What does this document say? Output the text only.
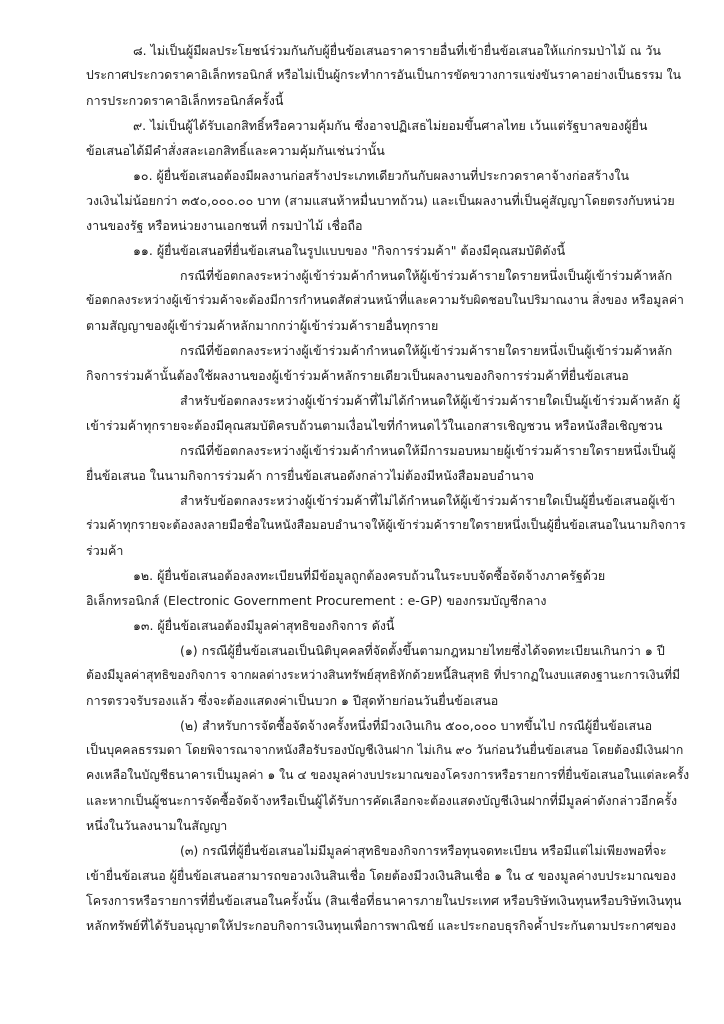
๘. ไม่เป็นผู้มีผลประโยชน์ร่วมกันกับผู้ยื่นข้อเสนอราคารายอื่นที่เข้ายื่นข้อเสนอให้แก่กรมป่าไม้ ณ วัน
ประกาศประกวดราคาอิเล็กทรอนิกส์ หรือไม่เป็นผู้กระทำการอันเป็นการขัดขวางการแข่งขันราคาอย่างเป็นธรรม ใน
การประกวดราคาอิเล็กทรอนิกส์ครั้งนี้
๙. ไม่เป็นผู้ได้รับเอกสิทธิ์หรือความคุ้มกัน ซึ่งอาจปฏิเสธไม่ยอมขึ้นศาลไทย เว้นแต่รัฐบาลของผู้ยื่น
ข้อเสนอได้มีคำสั่งสละเอกสิทธิ์และความคุ้มกันเช่นว่านั้น
๑๐. ผู้ยื่นข้อเสนอต้องมีผลงานก่อสร้างประเภทเดียวกันกับผลงานที่ประกวดราคาจ้างก่อสร้างใน
วงเงินไม่น้อยกว่า ๓๕๐,๐๐๐.๐๐ บาท (สามแสนห้าหมื่นบาทถ้วน) และเป็นผลงานที่เป็นคู่สัญญาโดยตรงกับหน่วย
งานของรัฐ หรือหน่วยงานเอกชนที่ กรมป่าไม้ เชื่อถือ
๑๑. ผู้ยื่นข้อเสนอที่ยื่นข้อเสนอในรูปแบบของ "กิจการร่วมค้า" ต้องมีคุณสมบัติดังนี้
กรณีที่ข้อตกลงระหว่างผู้เข้าร่วมค้ากำหนดให้ผู้เข้าร่วมค้ารายใดรายหนึ่งเป็นผู้เข้าร่วมค้าหลัก
ข้อตกลงระหว่างผู้เข้าร่วมค้าจะต้องมีการกำหนดสัดส่วนหน้าที่และความรับผิดชอบในปริมาณงาน สิ่งของ หรือมูลค่า
ตามสัญญาของผู้เข้าร่วมค้าหลักมากกว่าผู้เข้าร่วมค้ารายอื่นทุกราย
กรณีที่ข้อตกลงระหว่างผู้เข้าร่วมค้ากำหนดให้ผู้เข้าร่วมค้ารายใดรายหนึ่งเป็นผู้เข้าร่วมค้าหลัก
กิจการร่วมค้านั้นต้องใช้ผลงานของผู้เข้าร่วมค้าหลักรายเดียวเป็นผลงานของกิจการร่วมค้าที่ยื่นข้อเสนอ
สำหรับข้อตกลงระหว่างผู้เข้าร่วมค้าที่ไม่ได้กำหนดให้ผู้เข้าร่วมค้ารายใดเป็นผู้เข้าร่วมค้าหลัก ผู้
เข้าร่วมค้าทุกรายจะต้องมีคุณสมบัติครบถ้วนตามเงื่อนไขที่กำหนดไว้ในเอกสารเชิญชวน หรือหนังสือเชิญชวน
กรณีที่ข้อตกลงระหว่างผู้เข้าร่วมค้ากำหนดให้มีการมอบหมายผู้เข้าร่วมค้ารายใดรายหนึ่งเป็นผู้
ยื่นข้อเสนอ ในนามกิจการร่วมค้า การยื่นข้อเสนอดังกล่าวไม่ต้องมีหนังสือมอบอำนาจ
สำหรับข้อตกลงระหว่างผู้เข้าร่วมค้าที่ไม่ได้กำหนดให้ผู้เข้าร่วมค้ารายใดเป็นผู้ยื่นข้อเสนอผู้เข้า
ร่วมค้าทุกรายจะต้องลงลายมือชื่อในหนังสือมอบอำนาจให้ผู้เข้าร่วมค้ารายใดรายหนึ่งเป็นผู้ยื่นข้อเสนอในนามกิจการ
ร่วมค้า
๑๒. ผู้ยื่นข้อเสนอต้องลงทะเบียนที่มีข้อมูลถูกต้องครบถ้วนในระบบจัดซื้อจัดจ้างภาครัฐด้วย
อิเล็กทรอนิกส์ (Electronic Government Procurement : e-GP) ของกรมบัญชีกลาง
๑๓. ผู้ยื่นข้อเสนอต้องมีมูลค่าสุทธิของกิจการ ดังนี้
(๑) กรณีผู้ยื่นข้อเสนอเป็นนิติบุคคลที่จัดตั้งขึ้นตามกฎหมายไทยซึ่งได้จดทะเบียนเกินกว่า ๑ ปี
ต้องมีมูลค่าสุทธิของกิจการ จากผลต่างระหว่างสินทรัพย์สุทธิหักด้วยหนี้สินสุทธิ ที่ปรากฏในงบแสดงฐานะการเงินที่มี
การตรวจรับรองแล้ว ซึ่งจะต้องแสดงค่าเป็นบวก ๑ ปีสุดท้ายก่อนวันยื่นข้อเสนอ
(๒) สำหรับการจัดซื้อจัดจ้างครั้งหนึ่งที่มีวงเงินเกิน ๕๐๐,๐๐๐ บาทขึ้นไป กรณีผู้ยื่นข้อเสนอ
เป็นบุคคลธรรมดา โดยพิจารณาจากหนังสือรับรองบัญชีเงินฝาก ไม่เกิน ๙๐ วันก่อนวันยื่นข้อเสนอ โดยต้องมีเงินฝาก
คงเหลือในบัญชีธนาคารเป็นมูลค่า ๑ ใน ๔ ของมูลค่างบประมาณของโครงการหรือรายการที่ยื่นข้อเสนอในแต่ละครั้ง
และหากเป็นผู้ชนะการจัดซื้อจัดจ้างหรือเป็นผู้ได้รับการคัดเลือกจะต้องแสดงบัญชีเงินฝากที่มีมูลค่าดังกล่าวอีกครั้ง
หนึ่งในวันลงนามในสัญญา
(๓) กรณีที่ผู้ยื่นข้อเสนอไม่มีมูลค่าสุทธิของกิจการหรือทุนจดทะเบียน หรือมีแต่ไม่เพียงพอที่จะ
เข้ายื่นข้อเสนอ ผู้ยื่นข้อเสนอสามารถขอวงเงินสินเชื่อ โดยต้องมีวงเงินสินเชื่อ ๑ ใน ๔ ของมูลค่างบประมาณของ
โครงการหรือรายการที่ยื่นข้อเสนอในครั้งนั้น (สินเชื่อที่ธนาคารภายในประเทศ หรือบริษัทเงินทุนหรือบริษัทเงินทุน
หลักทรัพย์ที่ได้รับอนุญาตให้ประกอบกิจการเงินทุนเพื่อการพาณิชย์ และประกอบธุรกิจค้ำประกันตามประกาศของ
